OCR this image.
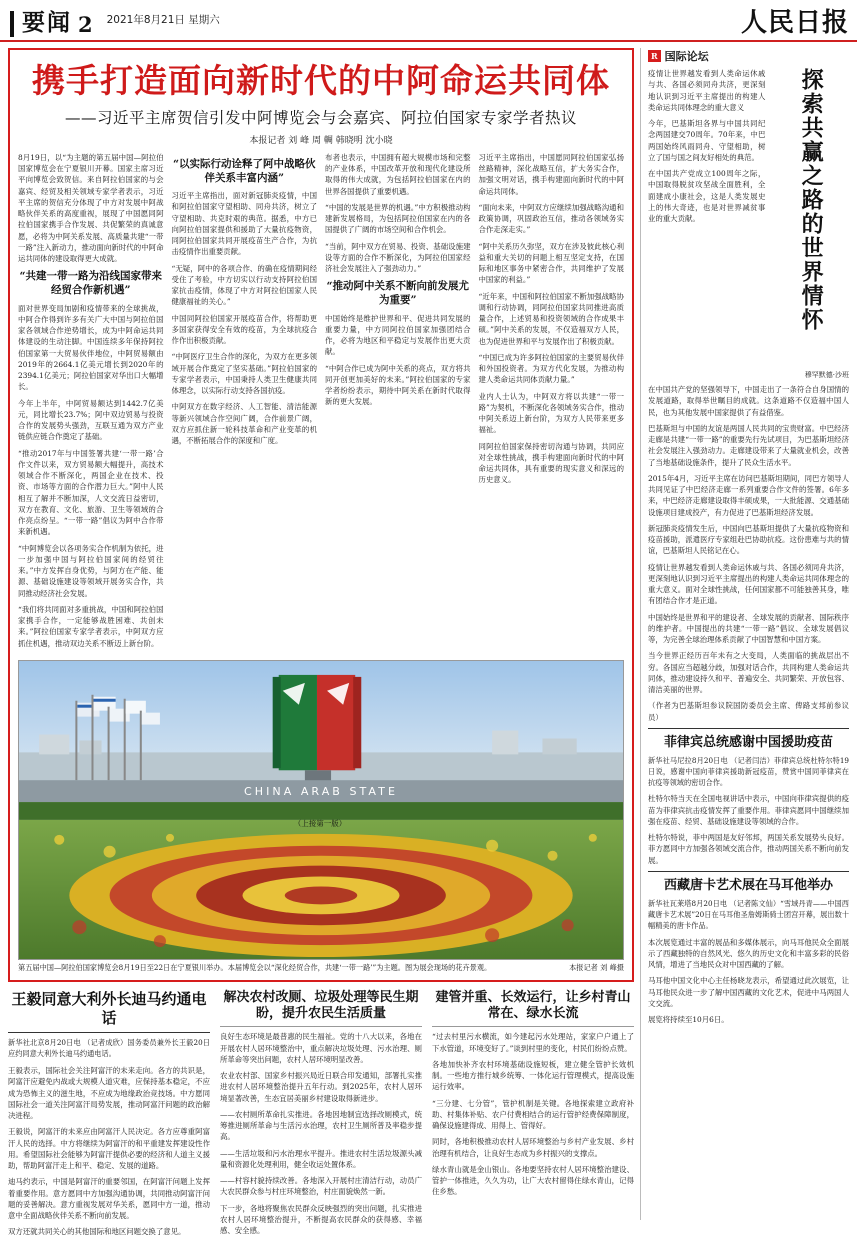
要闻 2 2021年8月21日 星期六	人民日报
携手打造面向新时代的中阿命运共同体
——习近平主席贺信引发中阿博览会与会嘉宾、阿拉伯国家专家学者热议
本报记者 刘 峰 周 輖 韩晓明 沈小晓

8月19日，以“为主题的第五届中国—阿拉伯国家博览会在宁夏银川开幕。国家主席习近平向博览会致贺信。来自阿拉伯国家的与会嘉宾、经贸及相关领域专家学者表示，习近平主席的贺信充分体现了中方对发展中阿战略伙伴关系的高度重视，展现了中国愿同阿拉伯国家携手合作发展、共促繁荣的真诚意愿，必将为中阿关系发展、高质量共建“一带一路”注入新动力，推动面向新时代的中阿命运共同体的建设取得更大成就。

“共建一带一路为沿线国家带来经贸合作新机遇”

面对世界变局加剧和疫情带来的全球挑战，中阿合作得到许多有关广大中国与阿拉伯国家各领域合作逆势增长，成为中阿命运共同体建设的生动注脚。中国连续多年保持阿拉伯国家第一大贸易伙伴地位，中阿贸易额由2019年的2664.1亿美元增长到2020年的2394.1亿美元；阿拉伯国家对华出口大幅增长。

今年上半年，中阿贸易额达到1442.7亿美元，同比增长23.7%；阿中双边贸易与投资合作的发展势头强劲，互联互通为双方产业链供应链合作奠定了基础。

“推动2017年与中国签署共建‘一带一路’合作文件以来，双方贸易额大幅提升，高技术领域合作不断深化，两国企业在技术、投资、市场等方面的合作潜力巨大。”阿中人民相互了解并不断加深，人文交流日益密切，双方在教育、文化、旅游、卫生等领域的合作亮点纷呈。“一带一路”倡议为阿中合作带来新机遇。

“中阿博览会以各项务实合作机制为依托，进一步加强中国与阿拉伯国家间的经贸往来。”中方发挥自身优势，与阿方在产能、能源、基础设施建设等领域开展务实合作，共同推动经济社会发展。

“我们将共同面对多重挑战，中国和阿拉伯国家携手合作，一定能够战胜困难、共创未来。”阿拉伯国家专家学者表示，中阿双方应抓住机遇，推动双边关系不断迈上新台阶。

“以实际行动诠释了阿中战略伙伴关系丰富内涵”

习近平主席指出，面对新冠肺炎疫情，中国和阿拉伯国家守望相助、同舟共济，树立了守望相助、共克时艰的典范。据悉，中方已向阿拉伯国家提供和援助了大量抗疫物资，同阿拉伯国家共同开展疫苗生产合作，为抗击疫情作出重要贡献。

“无疑，阿中的各项合作、的确在疫情期间经受住了考验，中方切实以行动支持阿拉伯国家抗击疫情，体现了中方对阿拉伯国家人民健康福祉的关心。”

中国同阿拉伯国家开展疫苗合作，将帮助更多国家获得安全有效的疫苗，为全球抗疫合作作出积极贡献。

“中阿医疗卫生合作的深化，为双方在更多领域开展合作奠定了坚实基础。”阿拉伯国家的专家学者表示，中国秉持人类卫生健康共同体理念，以实际行动支持各国抗疫。

中阿双方在数字经济、人工智能、清洁能源等新兴领域合作空间广阔，合作前景广阔，双方应抓住新一轮科技革命和产业变革的机遇，不断拓展合作的深度和广度。

布者也表示，中国拥有超大规模市场和完整的产业体系，中国改革开放和现代化建设所取得的伟大成就，为包括阿拉伯国家在内的世界各国提供了重要机遇。

“中国的发展是世界的机遇。”中方积极推动构建新发展格局，为包括阿拉伯国家在内的各国提供了广阔的市场空间和合作机会。

“当前，阿中双方在贸易、投资、基础设施建设等方面的合作不断深化，为阿拉伯国家经济社会发展注入了强劲动力。”

“推动阿中关系不断向前发展尤为重要”

中国始终是维护世界和平、促进共同发展的重要力量，中方同阿拉伯国家加强团结合作，必将为地区和平稳定与发展作出更大贡献。

“中阿合作已成为阿中关系的亮点，双方将共同开创更加美好的未来。”阿拉伯国家的专家学者纷纷表示，期待中阿关系在新时代取得新的更大发展。

习近平主席指出，中国愿同阿拉伯国家弘扬丝路精神，深化战略互信，扩大务实合作，加强文明对话，携手构建面向新时代的中阿命运共同体。

“面向未来，中阿双方应继续加强战略沟通和政策协调，巩固政治互信，推动各领域务实合作走深走实。”

“阿中关系历久弥坚，双方在涉及彼此核心利益和重大关切的问题上相互坚定支持，在国际和地区事务中紧密合作，共同维护了发展中国家的利益。”

“近年来，中国和阿拉伯国家不断加强战略协调和行动协调，同阿拉伯国家共同推进高质量合作，上述贸易和投资领域的合作成果丰硕。”阿中关系的发展，不仅造福双方人民，也为促进世界和平与发展作出了积极贡献。

“中国已成为许多阿拉伯国家的主要贸易伙伴和外国投资者。为双方代化发展，为推动构建人类命运共同体贡献力量。”

业内人士认为，中阿双方将以共建“一带一路”为契机，不断深化各领域务实合作，推动中阿关系迈上新台阶，为双方人民带来更多福祉。

同阿拉伯国家保持密切沟通与协调，共同应对全球性挑战，携手构建面向新时代的中阿命运共同体，具有重要的现实意义和深远的历史意义。

CHINA ARAB STATE
本报记者 刘 峰摄
第五届中国—阿拉伯国家博览会8月19日至22日在宁夏银川举办。本届博览会以“深化经贸合作，共建‘一带一路’”为主题。图为展会现场的花卉景观。
王毅同意大利外长迪马约通电话

新华社北京8月20日电 （记者成欣）国务委员兼外长王毅20日应约同意大利外长迪马约通电话。

王毅表示，国际社会关注阿富汗的未来走向。各方的共识是，阿富汗应避免内战或大规模人道灾难，应保持基本稳定，不应成为恐怖主义的滋生地，不应成为地缘政治竞技场。中方愿同国际社会一道关注阿富汗局势发展，推动阿富汗问题的政治解决进程。

王毅说，阿富汗的未来应由阿富汗人民决定。各方应尊重阿富汗人民的选择。中方将继续为阿富汗的和平重建发挥建设性作用。希望国际社会能够为阿富汗提供必要的经济和人道主义援助，帮助阿富汗走上和平、稳定、发展的道路。

迪马约表示，中国是阿富汗的重要邻国，在阿富汗问题上发挥着重要作用。意方愿同中方加强沟通协调，共同推动阿富汗问题的妥善解决。意方重视发展对华关系，愿同中方一道，推动意中全面战略伙伴关系不断向前发展。

双方还就共同关心的其他国际和地区问题交换了意见。

解决农村改厕、垃圾处理等民生期盼，提升农民生活质量

良好生态环境是最普惠的民生福祉。党的十八大以来，各地在开展农村人居环境整治中，重点解决垃圾处理、污水治理、厕所革命等突出问题，农村人居环境明显改善。

农业农村部、国家乡村振兴局近日联合印发通知，部署扎实推进农村人居环境整治提升五年行动。到2025年，农村人居环境显著改善，生态宜居美丽乡村建设取得新进步。

——农村厕所革命扎实推进。各地因地制宜选择改厕模式，统筹推进厕所革命与生活污水治理，农村卫生厕所普及率稳步提高。

——生活垃圾和污水治理水平提升。推进农村生活垃圾源头减量和资源化处理利用，健全收运处置体系。

——村容村貌持续改善。各地深入开展村庄清洁行动，动员广大农民群众参与村庄环境整治，村庄面貌焕然一新。

下一步，各地将聚焦农民群众反映强烈的突出问题，扎实推进农村人居环境整治提升，不断提高农民群众的获得感、幸福感、安全感。

建管并重、长效运行，让乡村青山常在、绿水长流

“过去村里污水横流，如今建起污水处理站，家家户户通上了下水管道，环境变好了。”谈到村里的变化，村民们纷纷点赞。

各地加快补齐农村环境基础设施短板，建立健全管护长效机制。一些地方推行城乡统筹、一体化运行管理模式，提高设施运行效率。

“三分建、七分管”，管护机制是关键。各地探索建立政府补助、村集体补贴、农户付费相结合的运行管护经费保障制度，确保设施建得成、用得上、管得好。

同时，各地积极推动农村人居环境整治与乡村产业发展、乡村治理有机结合，让良好生态成为乡村振兴的支撑点。

绿水青山就是金山银山。各地要坚持农村人居环境整治建设、管护一体推进，久久为功，让广大农村留得住绿水青山，记得住乡愁。

R 国际论坛

疫情让世界越发看到人类命运休戚与共、各国必须同舟共济，更深刻地认识到习近平主席提出的构建人类命运共同体理念的重大意义

今年，巴基斯坦各界与中国共同纪念两国建交70周年。70年来，中巴两国始终风雨同舟、守望相助，树立了国与国之间友好相处的典范。

在中国共产党成立100周年之际，中国取得脱贫攻坚战全面胜利，全面建成小康社会，这是人类发展史上的伟大奇迹，也是对世界减贫事业的重大贡献。	探索共赢之路的世界情怀
穆罕默德·沙班

在中国共产党的坚强领导下，中国走出了一条符合自身国情的发展道路，取得举世瞩目的成就。这条道路不仅造福中国人民，也为其他发展中国家提供了有益借鉴。

巴基斯坦与中国的友谊是两国人民共同的宝贵财富。中巴经济走廊是共建“一带一路”的重要先行先试项目，为巴基斯坦经济社会发展注入强劲动力。走廊建设带来了大量就业机会，改善了当地基础设施条件，提升了民众生活水平。

2015年4月，习近平主席在访问巴基斯坦期间，同巴方领导人共同见证了中巴经济走廊一系列重要合作文件的签署。6年多来，中巴经济走廊建设取得丰硕成果，一大批能源、交通基础设施项目建成投产，有力促进了巴基斯坦经济发展。

新冠肺炎疫情发生后，中国向巴基斯坦提供了大量抗疫物资和疫苗援助，派遣医疗专家组赴巴协助抗疫。这份患难与共的情谊，巴基斯坦人民铭记在心。

疫情让世界越发看到人类命运休戚与共、各国必须同舟共济，更深刻地认识到习近平主席提出的构建人类命运共同体理念的重大意义。面对全球性挑战，任何国家都不可能独善其身，唯有团结合作才是正道。

中国始终是世界和平的建设者、全球发展的贡献者、国际秩序的维护者。中国提出的共建“一带一路”倡议、全球发展倡议等，为完善全球治理体系贡献了中国智慧和中国方案。

当今世界正经历百年未有之大变局，人类面临的挑战层出不穷。各国应当超越分歧，加强对话合作，共同构建人类命运共同体，推动建设持久和平、普遍安全、共同繁荣、开放包容、清洁美丽的世界。

（作者为巴基斯坦参议院国防委员会主席、俾路支邦前参议员）

菲律宾总统感谢中国援助疫苗

新华社马尼拉8月20日电 （记者闫洁）菲律宾总统杜特尔特19日说，感谢中国向菲律宾援助新冠疫苗，赞赏中国同菲律宾在抗疫等领域的密切合作。

杜特尔特当天在全国电视讲话中表示，中国向菲律宾提供的疫苗为菲律宾抗击疫情发挥了重要作用。菲律宾愿同中国继续加强在疫苗、经贸、基础设施建设等领域的合作。

杜特尔特说，菲中两国是友好邻邦，两国关系发展势头良好。菲方愿同中方加强各领域交流合作，推动两国关系不断向前发展。

西藏唐卡艺术展在马耳他举办

新华社瓦莱塔8月20日电 （记者陈文仙）“雪域丹青——中国西藏唐卡艺术展”20日在马耳他圣詹姆斯骑士团宫开幕，展出数十幅精美的唐卡作品。

本次展览通过丰富的展品和多媒体展示，向马耳他民众全面展示了西藏独特的自然风光、悠久的历史文化和丰富多彩的民俗风情，增进了当地民众对中国西藏的了解。

马耳他中国文化中心主任杨晓龙表示，希望通过此次展览，让马耳他民众进一步了解中国西藏的文化艺术，促进中马两国人文交流。

展览将持续至10月6日。

（上接第一版）
